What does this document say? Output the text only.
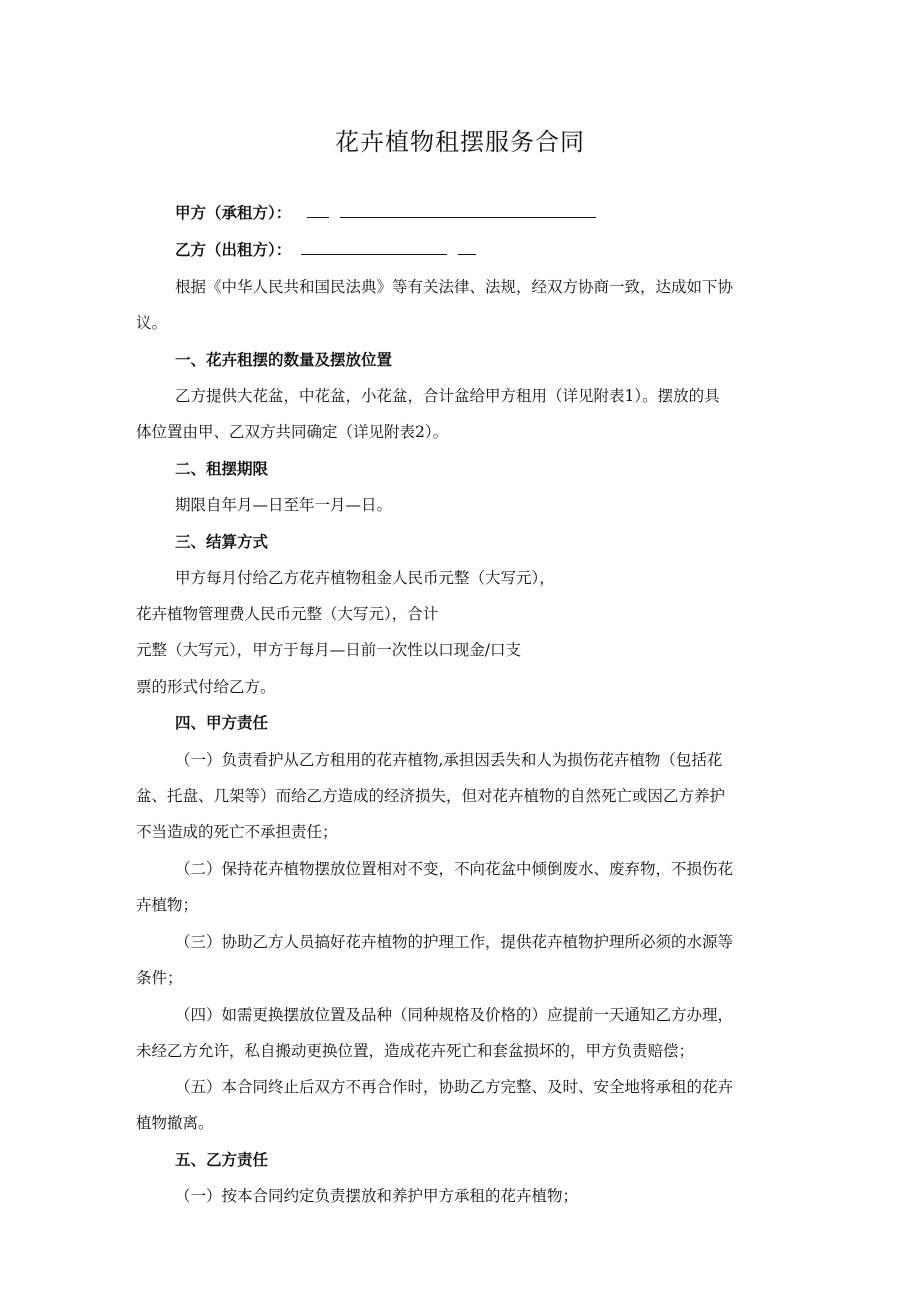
花卉植物租摆服务合同
甲方（承租方）：
乙方（出租方）：
根据《中华人民共和国民法典》等有关法律、法规，经双方协商一致，达成如下协
议。
一、花卉租摆的数量及摆放位置
乙方提供大花盆，中花盆，小花盆，合计盆给甲方租用（详见附表1）。摆放的具
体位置由甲、乙双方共同确定（详见附表2）。
二、租摆期限
期限自年月—日至年一月—日。
三、结算方式
甲方每月付给乙方花卉植物租金人民币元整（大写元），
花卉植物管理费人民币元整（大写元），合计
元整（大写元），甲方于每月—日前一次性以口现金/口支
票的形式付给乙方。
四、甲方责任
（一）负责看护从乙方租用的花卉植物,承担因丢失和人为损伤花卉植物（包括花
盆、托盘、几架等）而给乙方造成的经济损失，但对花卉植物的自然死亡或因乙方养护
不当造成的死亡不承担责任；
（二）保持花卉植物摆放位置相对不变，不向花盆中倾倒废水、废弃物，不损伤花
卉植物；
（三）协助乙方人员搞好花卉植物的护理工作，提供花卉植物护理所必须的水源等
条件；
（四）如需更换摆放位置及品种（同种规格及价格的）应提前一天通知乙方办理，
未经乙方允许，私自搬动更换位置，造成花卉死亡和套盆损坏的，甲方负责赔偿；
（五）本合同终止后双方不再合作时，协助乙方完整、及时、安全地将承租的花卉
植物撤离。
五、乙方责任
（一）按本合同约定负责摆放和养护甲方承租的花卉植物；
